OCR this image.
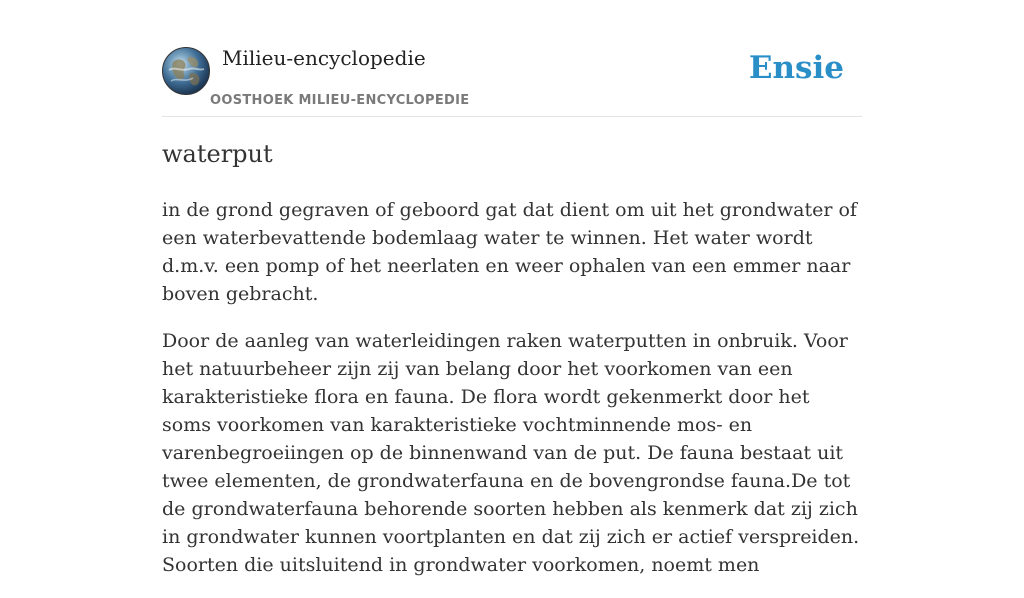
Milieu-encyclopedie
OOSTHOEK MILIEU-ENCYCLOPEDIE
Ensie
waterput

in de grond gegraven of geboord gat dat dient om uit het grondwater of een waterbevattende bodemlaag water te winnen. Het water wordt d.m.v. een pomp of het neerlaten en weer ophalen van een emmer naar boven gebracht.

Door de aanleg van waterleidingen raken waterputten in onbruik. Voor het natuurbeheer zijn zij van belang door het voorkomen van een karakteristieke flora en fauna. De flora wordt gekenmerkt door het soms voorkomen van karakteristieke vochtminnende mos- en varenbegroeiingen op de binnenwand van de put. De fauna bestaat uit twee elementen, de grondwaterfauna en de bovengrondse fauna.De tot de grondwaterfauna behorende soorten hebben als kenmerk dat zij zich in grondwater kunnen voortplanten en dat zij zich er actief verspreiden. Soorten die uitsluitend in grondwater voorkomen, noemt men
